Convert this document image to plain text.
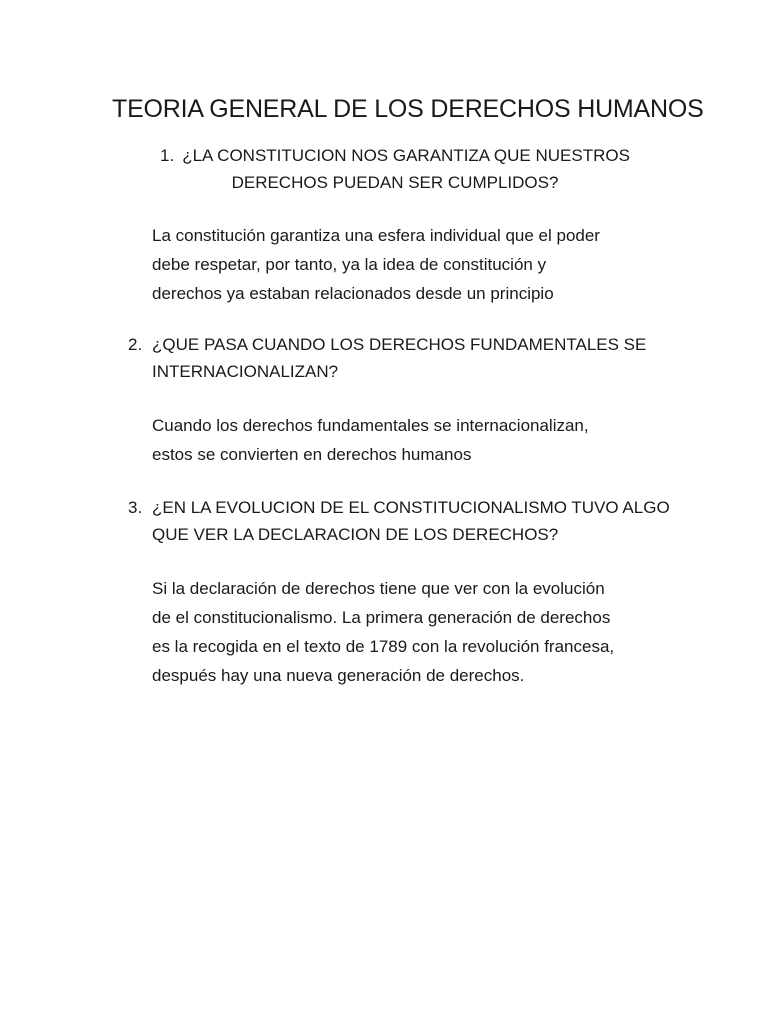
TEORIA GENERAL DE LOS DERECHOS HUMANOS
1. ¿LA CONSTITUCION NOS GARANTIZA QUE NUESTROS
DERECHOS PUEDAN SER CUMPLIDOS?
La constitución garantiza una esfera individual que el poder
debe respetar, por tanto, ya la idea de constitución y
derechos ya estaban relacionados desde un principio
2. ¿QUE PASA CUANDO LOS DERECHOS FUNDAMENTALES SE
INTERNACIONALIZAN?
Cuando los derechos fundamentales se internacionalizan,
estos se convierten en derechos humanos
3. ¿EN LA EVOLUCION DE EL CONSTITUCIONALISMO TUVO ALGO
QUE VER LA DECLARACION DE LOS DERECHOS?
Si la declaración de derechos tiene que ver con la evolución
de el constitucionalismo. La primera generación de derechos
es la recogida en el texto de 1789 con la revolución francesa,
después hay una nueva generación de derechos.
